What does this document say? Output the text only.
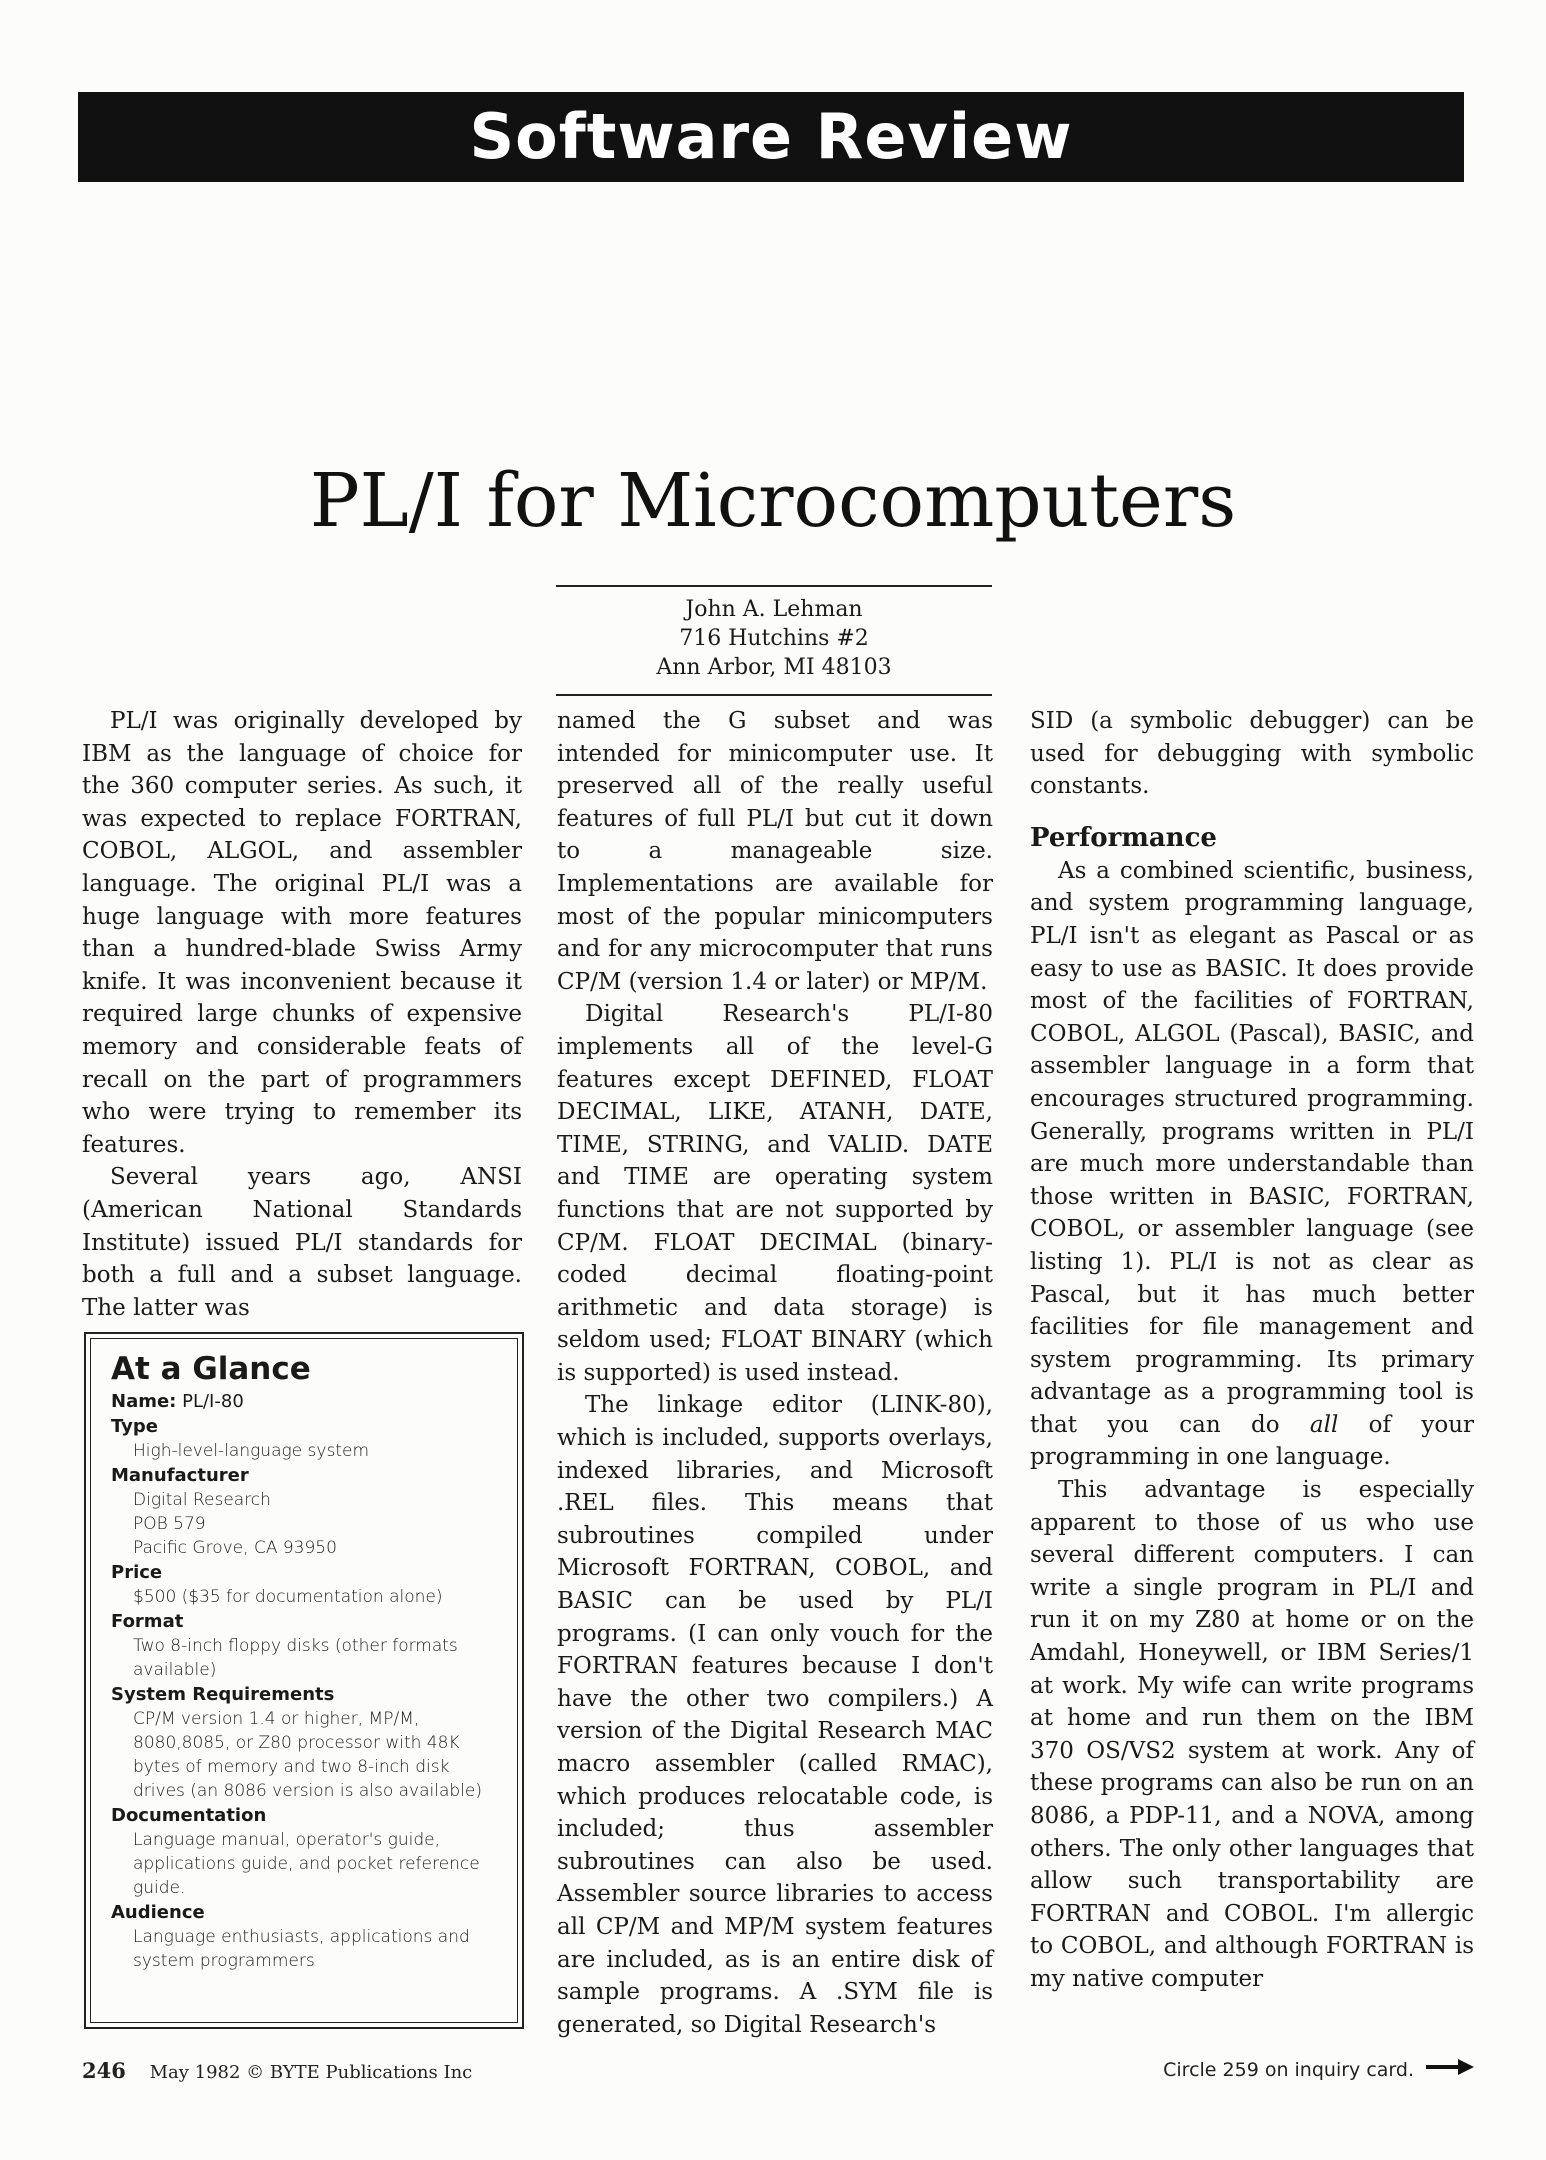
Software Review
PL/I for Microcomputers
John A. Lehman
716 Hutchins #2
Ann Arbor, MI 48103

PL/I was originally developed by IBM as the language of choice for the 360 computer series. As such, it was expected to replace FORTRAN, COBOL, ALGOL, and assembler language. The original PL/I was a huge language with more features than a hundred-blade Swiss Army knife. It was inconvenient because it required large chunks of expensive memory and considerable feats of recall on the part of programmers who were trying to remember its features.

Several years ago, ANSI (American National Standards Institute) issued PL/I standards for both a full and a subset language. The latter was

At a Glance
Name: PL/I-80
Type
High-level-language system
Manufacturer
Digital Research
POB 579
Pacific Grove, CA 93950
Price
$500 ($35 for documentation alone)
Format
Two 8-inch floppy disks (other formats available)
System Requirements
CP/M version 1.4 or higher, MP/M, 8080,8085, or Z80 processor with 48K bytes of memory and two 8-inch disk drives (an 8086 version is also available)
Documentation
Language manual, operator's guide, applications guide, and pocket reference guide.
Audience
Language enthusiasts, applications and system programmers

named the G subset and was intended for minicomputer use. It preserved all of the really useful features of full PL/I but cut it down to a manageable size. Implementations are available for most of the popular minicomputers and for any microcomputer that runs CP/M (version 1.4 or later) or MP/M.

Digital Research's PL/I-80 implements all of the level-G features except DEFINED, FLOAT DECIMAL, LIKE, ATANH, DATE, TIME, STRING, and VALID. DATE and TIME are operating system functions that are not supported by CP/M. FLOAT DECIMAL (binary-coded decimal floating-point arithmetic and data storage) is seldom used; FLOAT BINARY (which is supported) is used instead.

The linkage editor (LINK-80), which is included, supports overlays, indexed libraries, and Microsoft .REL files. This means that subroutines compiled under Microsoft FORTRAN, COBOL, and BASIC can be used by PL/I programs. (I can only vouch for the FORTRAN features because I don't have the other two compilers.) A version of the Digital Research MAC macro assembler (called RMAC), which produces relocatable code, is included; thus assembler subroutines can also be used. Assembler source libraries to access all CP/M and MP/M system features are included, as is an entire disk of sample programs. A .SYM file is generated, so Digital Research's

SID (a symbolic debugger) can be used for debugging with symbolic constants.

Performance

As a combined scientific, business, and system programming language, PL/I isn't as elegant as Pascal or as easy to use as BASIC. It does provide most of the facilities of FORTRAN, COBOL, ALGOL (Pascal), BASIC, and assembler language in a form that encourages structured programming. Generally, programs written in PL/I are much more understandable than those written in BASIC, FORTRAN, COBOL, or assembler language (see listing 1). PL/I is not as clear as Pascal, but it has much better facilities for file management and system programming. Its primary advantage as a programming tool is that you can do all of your programming in one language.

This advantage is especially apparent to those of us who use several different computers. I can write a single program in PL/I and run it on my Z80 at home or on the Amdahl, Honeywell, or IBM Series/1 at work. My wife can write programs at home and run them on the IBM 370 OS/VS2 system at work. Any of these programs can also be run on an 8086, a PDP-11, and a NOVA, among others. The only other languages that allow such transportability are FORTRAN and COBOL. I'm allergic to COBOL, and although FORTRAN is my native computer

246 May 1982 © BYTE Publications Inc	Circle 259 on inquiry card.
